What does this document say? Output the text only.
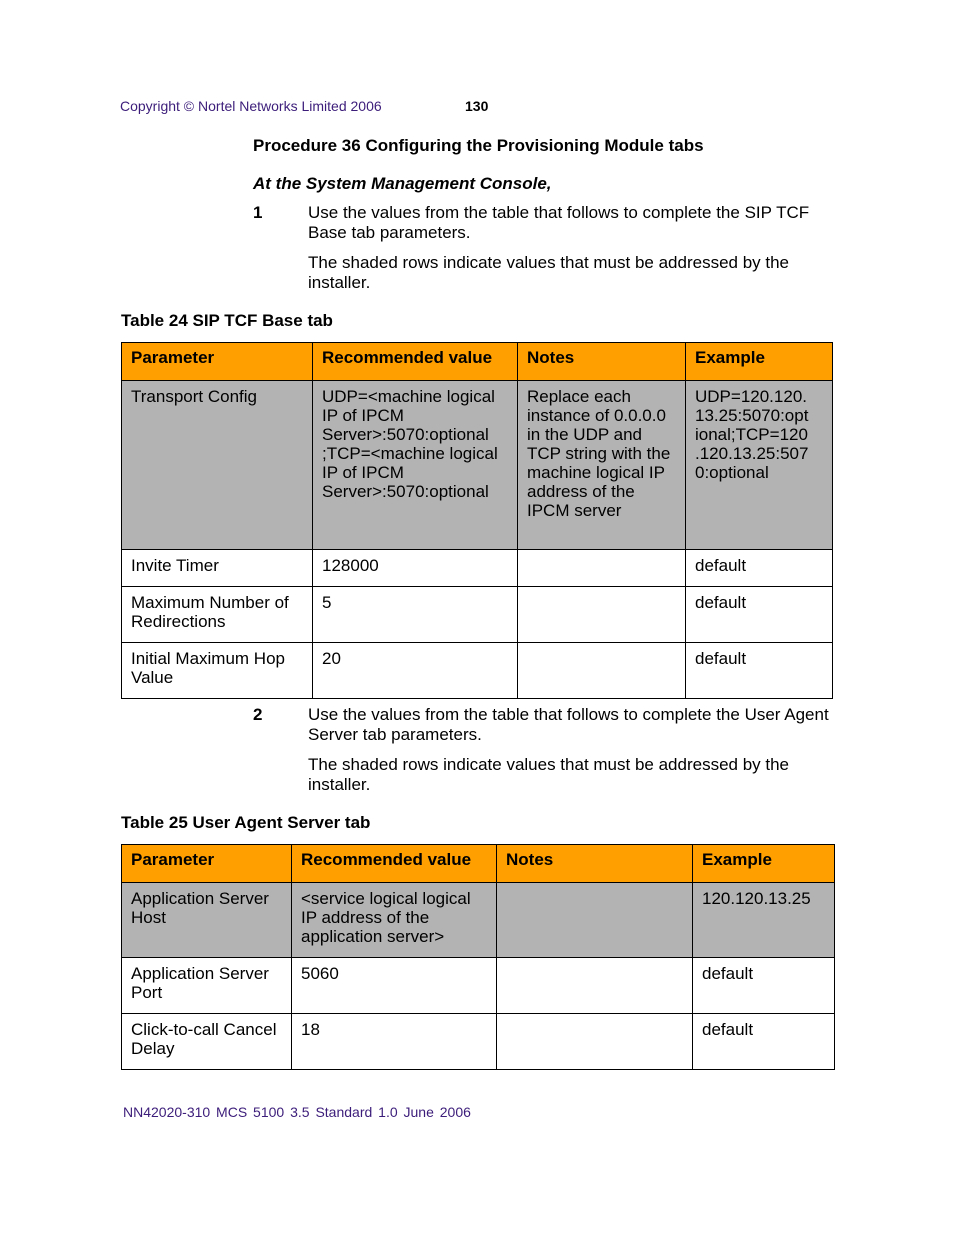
Copyright © Nortel Networks Limited 2006	130
Procedure 36 Configuring the Provisioning Module tabs
At the System Management Console,
1	Use the values from the table that follows to complete the SIP TCF Base tab parameters.
The shaded rows indicate values that must be addressed by the installer.
Table 24 SIP TCF Base tab
Parameter	Recommended value	Notes	Example
Transport Config	UDP=<machine logical IP of IPCM Server>:5070:optional ;TCP=<machine logical IP of IPCM Server>:5070:optional	Replace each instance of 0.0.0.0 in the UDP and TCP string with the machine logical IP address of the IPCM server	UDP=120.120. 13.25:5070:opt ional;TCP=120 .120.13.25:507 0:optional
Invite Timer	128000		default
Maximum Number of Redirections	5		default
Initial Maximum Hop Value	20		default
2	Use the values from the table that follows to complete the User Agent Server tab parameters.
The shaded rows indicate values that must be addressed by the installer.
Table 25 User Agent Server tab
Parameter	Recommended value	Notes	Example
Application Server Host	<service logical logical IP address of the application server>		120.120.13.25
Application Server Port	5060		default
Click-to-call Cancel Delay	18		default
NN42020-310 MCS 5100 3.5 Standard 1.0 June 2006
